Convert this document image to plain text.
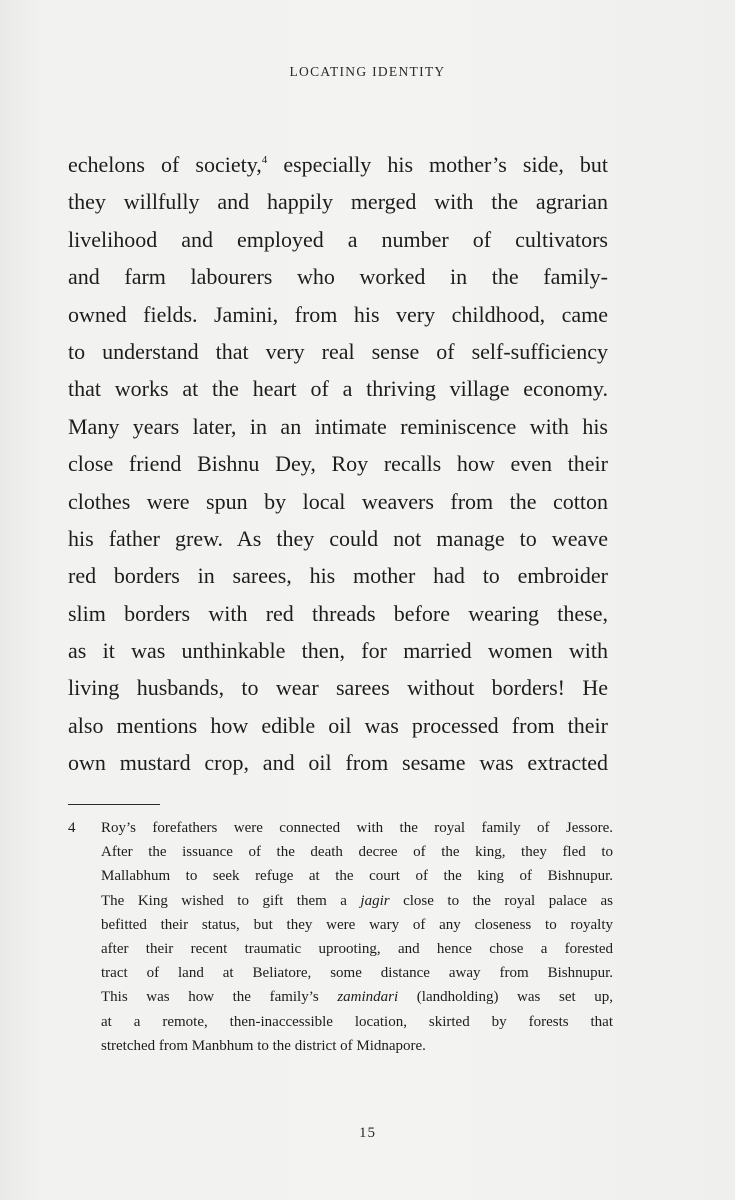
LOCATING IDENTITY
echelons of society,$^4$ especially his mother’s side, but
they willfully and happily merged with the agrarian
livelihood and employed a number of cultivators
and farm labourers who worked in the family-
owned fields. Jamini, from his very childhood, came
to understand that very real sense of self-sufficiency
that works at the heart of a thriving village economy.
Many years later, in an intimate reminiscence with his
close friend Bishnu Dey, Roy recalls how even their
clothes were spun by local weavers from the cotton
his father grew. As they could not manage to weave
red borders in sarees, his mother had to embroider
slim borders with red threads before wearing these,
as it was unthinkable then, for married women with
living husbands, to wear sarees without borders! He
also mentions how edible oil was processed from their
own mustard crop, and oil from sesame was extracted
4 Roy’s forefathers were connected with the royal family of Jessore.
After the issuance of the death decree of the king, they fled to
Mallabhum to seek refuge at the court of the king of Bishnupur.
The King wished to gift them a jagir close to the royal palace as
befitted their status, but they were wary of any closeness to royalty
after their recent traumatic uprooting, and hence chose a forested
tract of land at Beliatore, some distance away from Bishnupur.
This was how the family’s zamindari (landholding) was set up,
at a remote, then-inaccessible location, skirted by forests that
stretched from Manbhum to the district of Midnapore.
15
